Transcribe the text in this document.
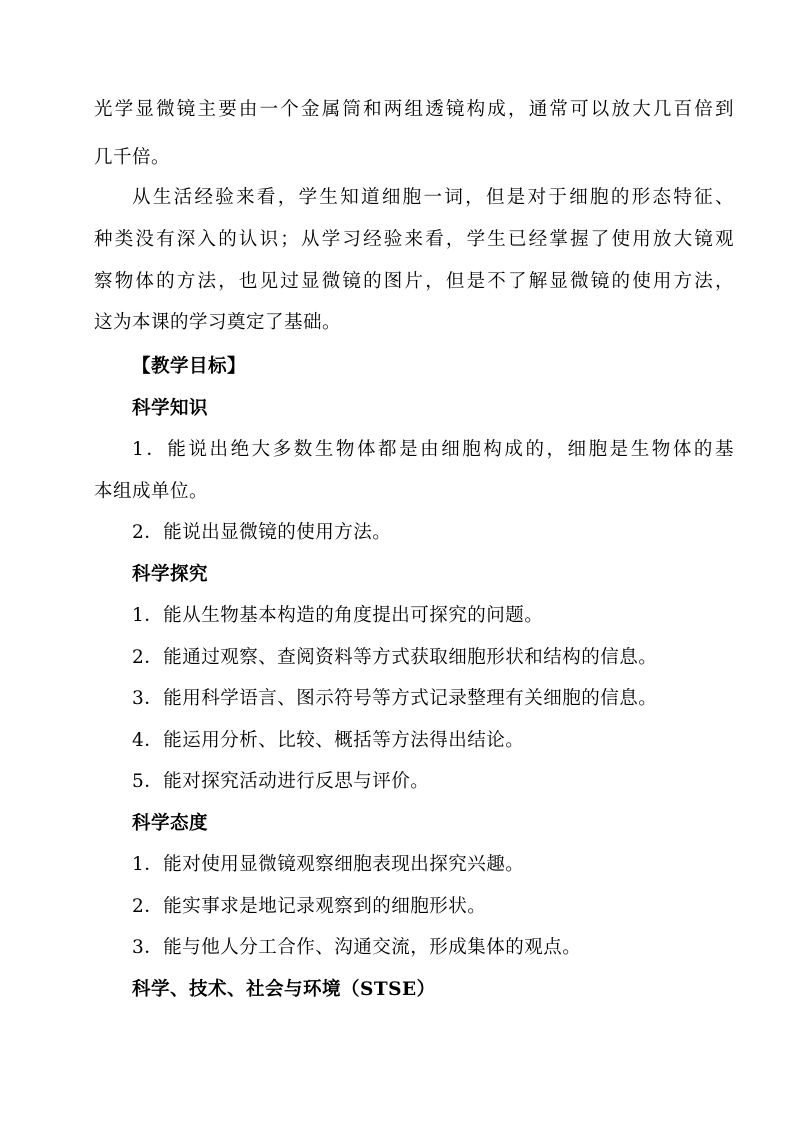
光学显微镜主要由一个金属筒和两组透镜构成，通常可以放大几百倍到
几千倍。
从生活经验来看，学生知道细胞一词，但是对于细胞的形态特征、
种类没有深入的认识；从学习经验来看，学生已经掌握了使用放大镜观
察物体的方法，也见过显微镜的图片，但是不了解显微镜的使用方法，
这为本课的学习奠定了基础。
【教学目标】
科学知识
1．能说出绝大多数生物体都是由细胞构成的，细胞是生物体的基
本组成单位。
2．能说出显微镜的使用方法。
科学探究
1．能从生物基本构造的角度提出可探究的问题。
2．能通过观察、查阅资料等方式获取细胞形状和结构的信息。
3．能用科学语言、图示符号等方式记录整理有关细胞的信息。
4．能运用分析、比较、概括等方法得出结论。
5．能对探究活动进行反思与评价。
科学态度
1．能对使用显微镜观察细胞表现出探究兴趣。
2．能实事求是地记录观察到的细胞形状。
3．能与他人分工合作、沟通交流，形成集体的观点。
科学、技术、社会与环境（STSE）
